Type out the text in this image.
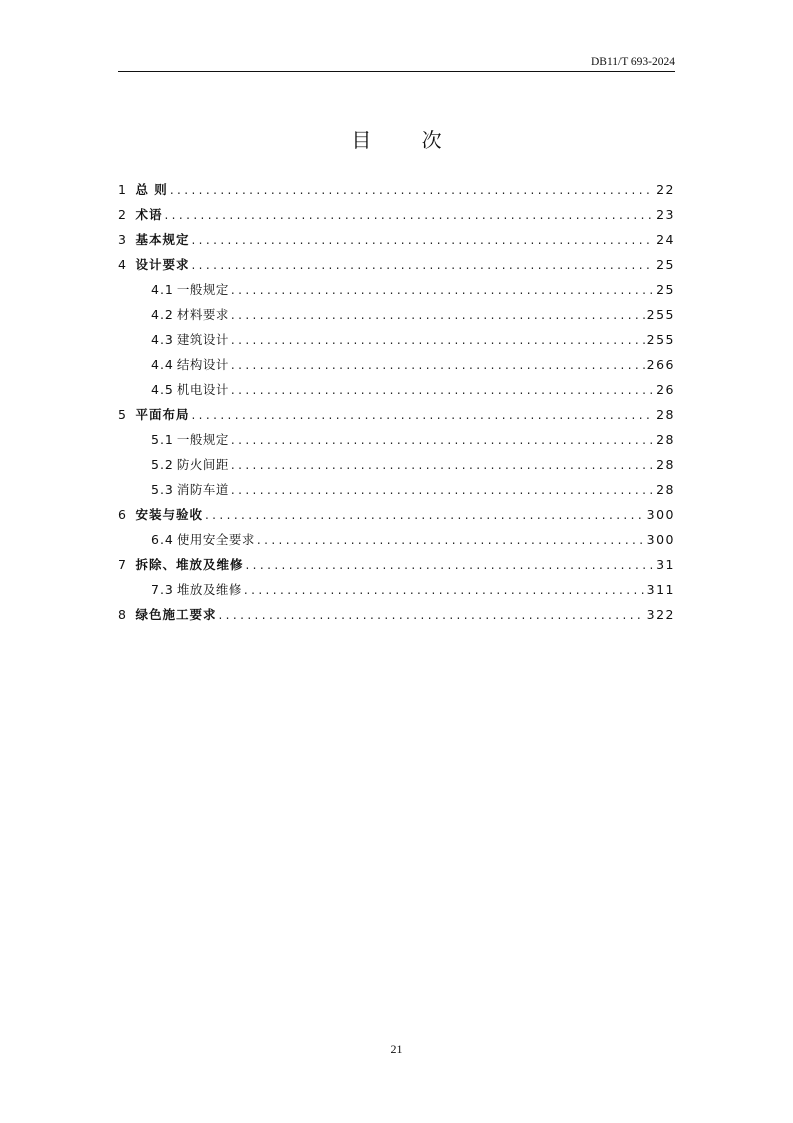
DB11/T 693-2024
目 次
1 总 则 .....	22
2 术语 .....	23
3 基本规定 .....	24
4 设计要求 .....	25
4.1 一般规定 .....	25
4.2 材料要求 .....	255
4.3 建筑设计 .....	255
4.4 结构设计 .....	266
4.5 机电设计 .....	26
5 平面布局 .....	28
5.1 一般规定 .....	28
5.2 防火间距 .....	28
5.3 消防车道 .....	28
6 安装与验收 .....	300
6.4 使用安全要求 .....	300
7 拆除、堆放及维修 .....	31
7.3 堆放及维修 .....	311
8 绿色施工要求 .....	322
21
